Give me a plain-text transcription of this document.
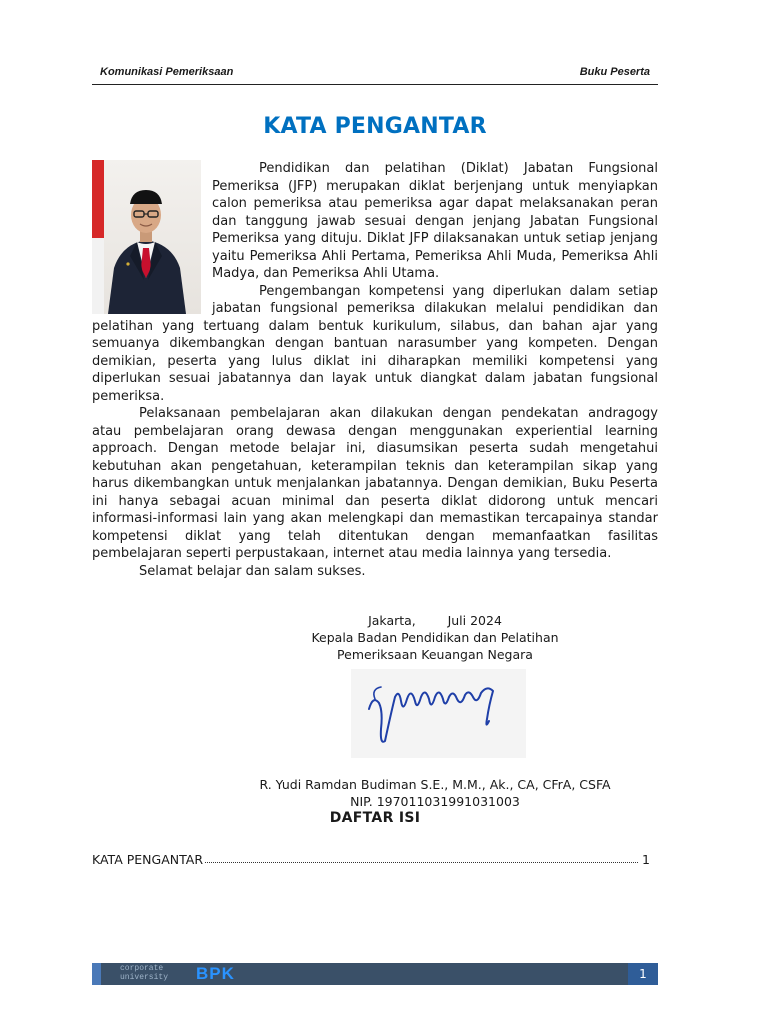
Komunikasi Pemeriksaan	Buku Peserta
KATA PENGANTAR

Pendidikan dan pelatihan (Diklat) Jabatan Fungsional Pemeriksa (JFP) merupakan diklat berjenjang untuk menyiapkan calon pemeriksa atau pemeriksa agar dapat melaksanakan peran dan tanggung jawab sesuai dengan jenjang Jabatan Fungsional Pemeriksa yang dituju. Diklat JFP dilaksanakan untuk setiap jenjang yaitu Pemeriksa Ahli Pertama, Pemeriksa Ahli Muda, Pemeriksa Ahli Madya, dan Pemeriksa Ahli Utama.

Pengembangan kompetensi yang diperlukan dalam setiap jabatan fungsional pemeriksa dilakukan melalui pendidikan dan pelatihan yang tertuang dalam bentuk kurikulum, silabus, dan bahan ajar yang semuanya dikembangkan dengan bantuan narasumber yang kompeten. Dengan demikian, peserta yang lulus diklat ini diharapkan memiliki kompetensi yang diperlukan sesuai jabatannya dan layak untuk diangkat dalam jabatan fungsional pemeriksa.

Pelaksanaan pembelajaran akan dilakukan dengan pendekatan andragogy atau pembelajaran orang dewasa dengan menggunakan experiential learning approach. Dengan metode belajar ini, diasumsikan peserta sudah mengetahui kebutuhan akan pengetahuan, keterampilan teknis dan keterampilan sikap yang harus dikembangkan untuk menjalankan jabatannya. Dengan demikian, Buku Peserta ini hanya sebagai acuan minimal dan peserta diklat didorong untuk mencari informasi-informasi lain yang akan melengkapi dan memastikan tercapainya standar kompetensi diklat yang telah ditentukan dengan memanfaatkan fasilitas pembelajaran seperti perpustakaan, internet atau media lainnya yang tersedia.

Selamat belajar dan salam sukses.

Jakarta,	Juli 2024
Kepala Badan Pendidikan dan Pelatihan
Pemeriksaan Keuangan Negara
R. Yudi Ramdan Budiman S.E., M.M., Ak., CA, CFrA, CSFA
NIP. 197011031991031003
DAFTAR ISI
KATA PENGANTAR	1
corporate
university BPK	1
